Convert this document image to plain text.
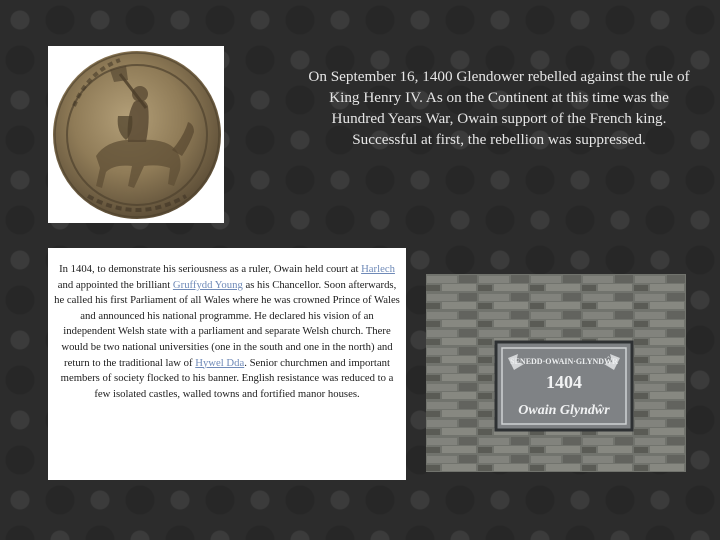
On September 16, 1400 Glendower rebelled against the rule of King Henry IV. As on the Continent at this time was the Hundred Years War, Owain support of the French king. Successful at first, the rebellion was suppressed.

In 1404, to demonstrate his seriousness as a ruler, Owain held court at Harlech and appointed the brilliant Gruffydd Young as his Chancellor. Soon afterwards, he called his first Parliament of all Wales where he was crowned Prince of Wales and announced his national programme. He declared his vision of an independent Welsh state with a parliament and separate Welsh church. There would be two national universities (one in the south and one in the north) and return to the traditional law of Hywel Dda. Senior churchmen and important members of society flocked to his banner. English resistance was reduced to a few isolated castles, walled towns and fortified manor houses.

SENEDD·OWAIN·GLYNDŴR
1404
Owain Glyndŵr
